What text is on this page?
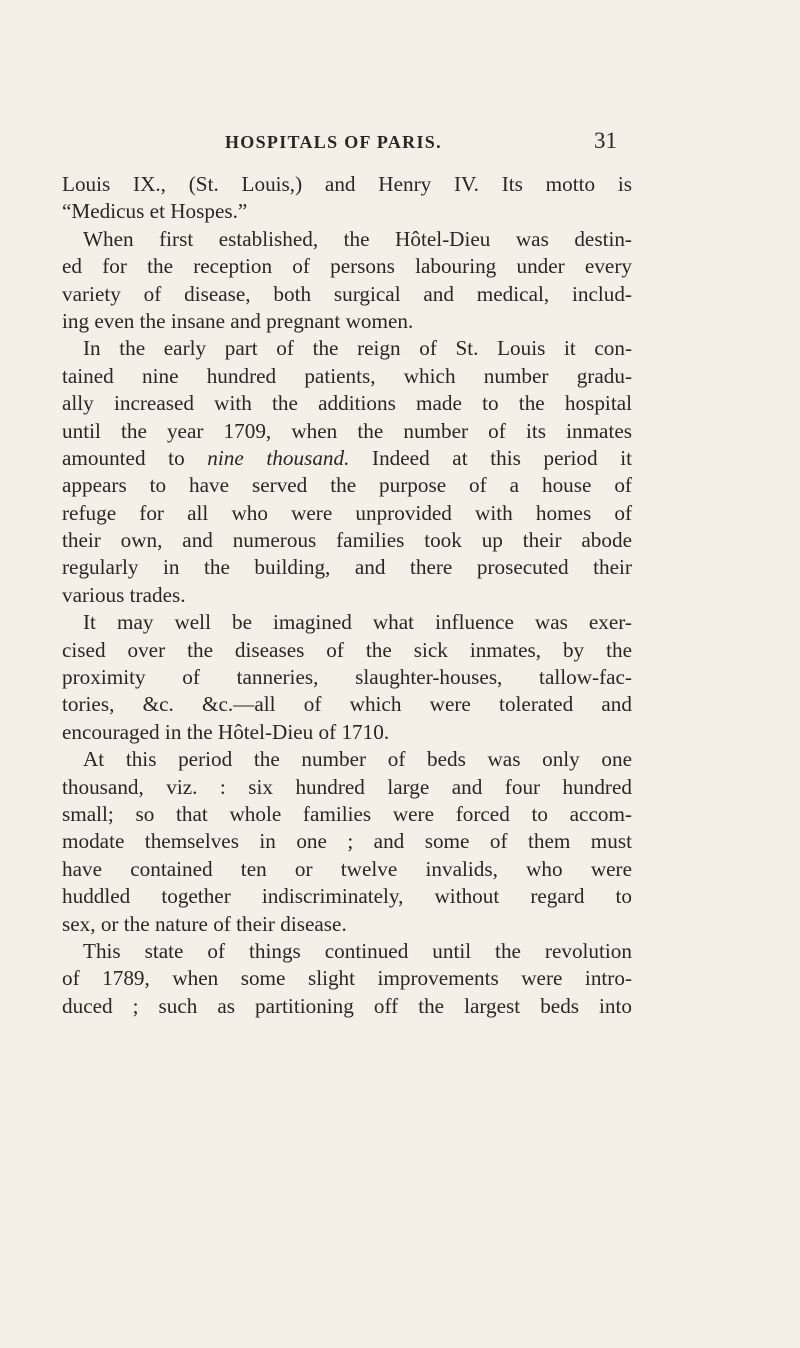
HOSPITALS OF PARIS.	31
Louis IX., (St. Louis,) and Henry IV. Its motto is
“Medicus et Hospes.”
When first established, the Hôtel-Dieu was destin-
ed for the reception of persons labouring under every
variety of disease, both surgical and medical, includ-
ing even the insane and pregnant women.
In the early part of the reign of St. Louis it con-
tained nine hundred patients, which number gradu-
ally increased with the additions made to the hospital
until the year 1709, when the number of its inmates
amounted to nine thousand. Indeed at this period it
appears to have served the purpose of a house of
refuge for all who were unprovided with homes of
their own, and numerous families took up their abode
regularly in the building, and there prosecuted their
various trades.
It may well be imagined what influence was exer-
cised over the diseases of the sick inmates, by the
proximity of tanneries, slaughter-houses, tallow-fac-
tories, &c. &c.—all of which were tolerated and
encouraged in the Hôtel-Dieu of 1710.
At this period the number of beds was only one
thousand, viz. : six hundred large and four hundred
small; so that whole families were forced to accom-
modate themselves in one ; and some of them must
have contained ten or twelve invalids, who were
huddled together indiscriminately, without regard to
sex, or the nature of their disease.
This state of things continued until the revolution
of 1789, when some slight improvements were intro-
duced ; such as partitioning off the largest beds into
